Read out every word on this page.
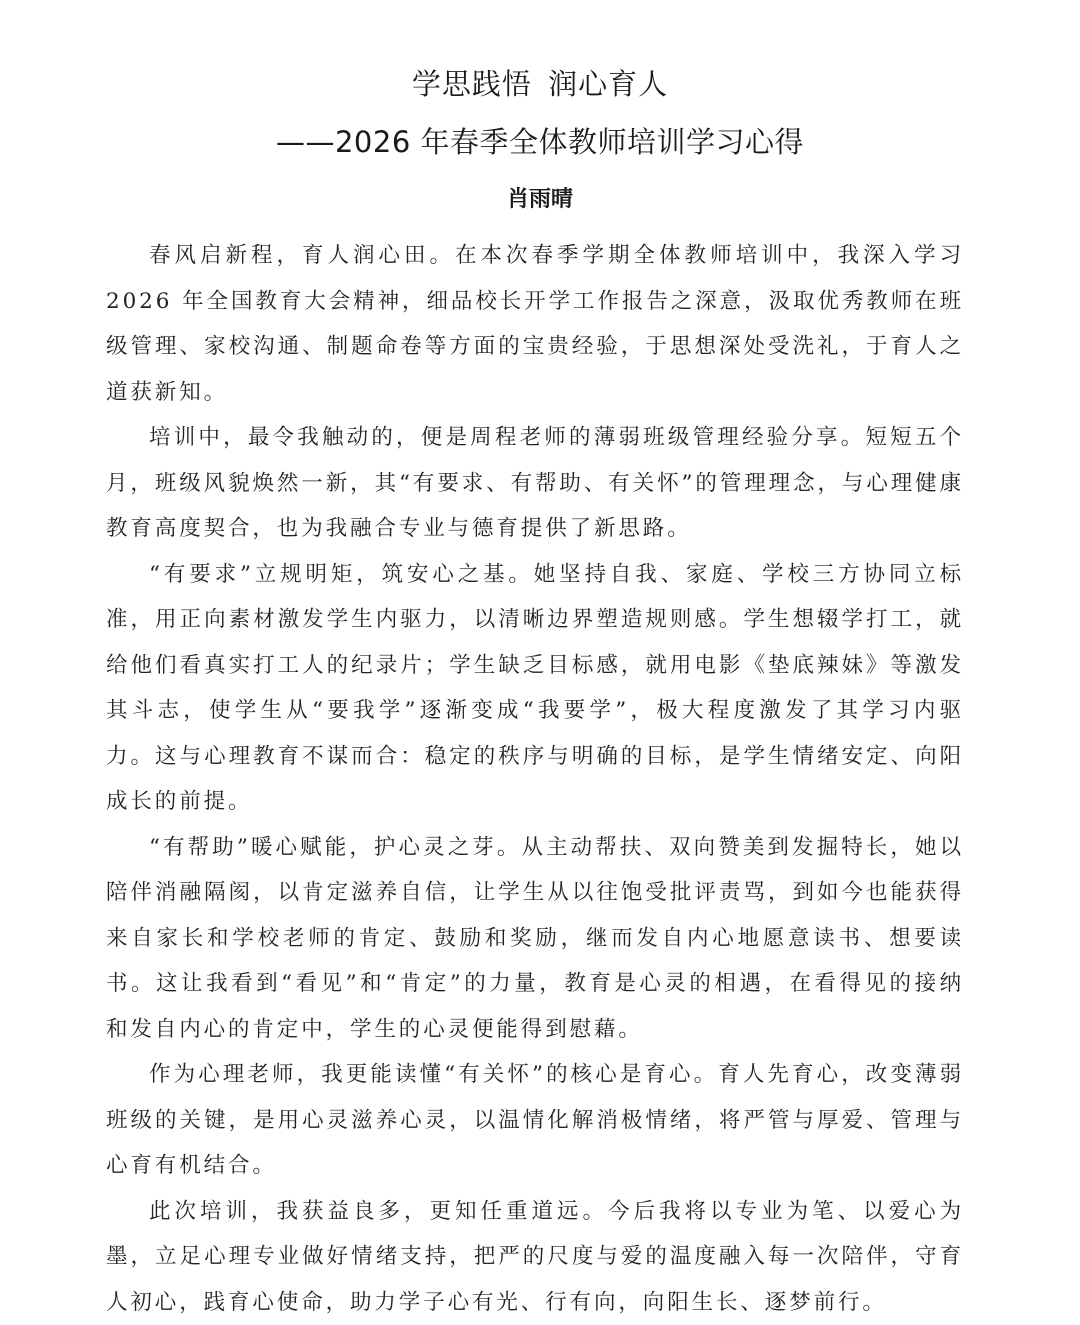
学思践悟 润心育人
——2026 年春季全体教师培训学习心得

肖雨晴

春风启新程，育人润心田。在本次春季学期全体教师培训中，我深入学习 2026 年全国教育大会精神，细品校长开学工作报告之深意，汲取优秀教师在班级管理、家校沟通、制题命卷等方面的宝贵经验，于思想深处受洗礼，于育人之道获新知。

培训中，最令我触动的，便是周程老师的薄弱班级管理经验分享。短短五个月，班级风貌焕然一新，其“有要求、有帮助、有关怀”的管理理念，与心理健康教育高度契合，也为我融合专业与德育提供了新思路。

“有要求”立规明矩，筑安心之基。她坚持自我、家庭、学校三方协同立标准，用正向素材激发学生内驱力，以清晰边界塑造规则感。学生想辍学打工，就给他们看真实打工人的纪录片；学生缺乏目标感，就用电影《垫底辣妹》等激发其斗志，使学生从“要我学”逐渐变成“我要学”，极大程度激发了其学习内驱力。这与心理教育不谋而合：稳定的秩序与明确的目标，是学生情绪安定、向阳成长的前提。

“有帮助”暖心赋能，护心灵之芽。从主动帮扶、双向赞美到发掘特长，她以陪伴消融隔阂，以肯定滋养自信，让学生从以往饱受批评责骂，到如今也能获得来自家长和学校老师的肯定、鼓励和奖励，继而发自内心地愿意读书、想要读书。这让我看到“看见”和“肯定”的力量，教育是心灵的相遇，在看得见的接纳和发自内心的肯定中，学生的心灵便能得到慰藉。

作为心理老师，我更能读懂“有关怀”的核心是育心。育人先育心，改变薄弱班级的关键，是用心灵滋养心灵，以温情化解消极情绪，将严管与厚爱、管理与心育有机结合。

此次培训，我获益良多，更知任重道远。今后我将以专业为笔、以爱心为墨，立足心理专业做好情绪支持，把严的尺度与爱的温度融入每一次陪伴，守育人初心，践育心使命，助力学子心有光、行有向，向阳生长、逐梦前行。
